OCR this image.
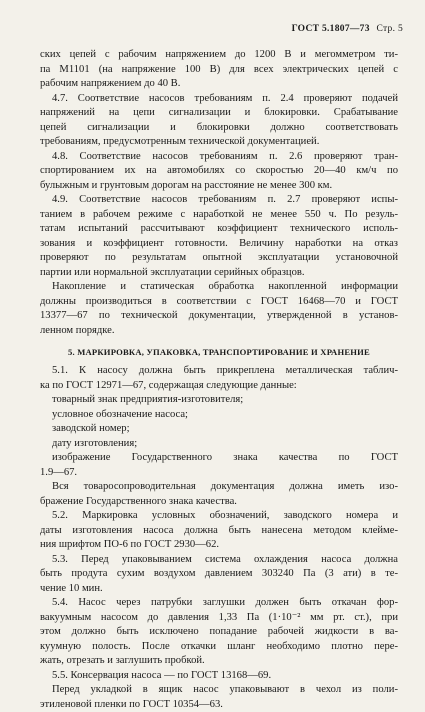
ГОСТ 5.1807—73 Стр. 5
ских цепей с рабочим напряжением до 1200 В и мегомметром ти-
па М1101 (на напряжение 100 В) для всех электрических цепей с
рабочим напряжением до 40 В.
4.7. Соответствие насосов требованиям п. 2.4 проверяют подачей
напряжений на цепи сигнализации и блокировки. Срабатывание
цепей сигнализации и блокировки должно соответствовать
требованиям, предусмотренным технической документацией.
4.8. Соответствие насосов требованиям п. 2.6 проверяют тран-
спортированием их на автомобилях со скоростью 20—40 км/ч по
булыжным и грунтовым дорогам на расстояние не менее 300 км.
4.9. Соответствие насосов требованиям п. 2.7 проверяют испы-
танием в рабочем режиме с наработкой не менее 550 ч. По резуль-
татам испытаний рассчитывают коэффициент технического исполь-
зования и коэффициент готовности. Величину наработки на отказ
проверяют по результатам опытной эксплуатации установочной
партии или нормальной эксплуатации серийных образцов.
Накопление и статическая обработка накопленной информации
должны производиться в соответствии с ГОСТ 16468—70 и ГОСТ
13377—67 по технической документации, утвержденной в установ-
ленном порядке.
5. МАРКИРОВКА, УПАКОВКА, ТРАНСПОРТИРОВАНИЕ И ХРАНЕНИЕ
5.1. К насосу должна быть прикреплена металлическая таблич-
ка по ГОСТ 12971—67, содержащая следующие данные:
товарный знак предприятия-изготовителя;
условное обозначение насоса;
заводской номер;
дату изготовления;
изображение Государственного знака качества по ГОСТ
1.9—67.
Вся товаросопроводительная документация должна иметь изо-
бражение Государственного знака качества.
5.2. Маркировка условных обозначений, заводского номера и
даты изготовления насоса должна быть нанесена методом клейме-
ния шрифтом ПО-6 по ГОСТ 2930—62.
5.3. Перед упаковыванием система охлаждения насоса должна
быть продута сухим воздухом давлением 303240 Па (3 ати) в те-
чение 10 мин.
5.4. Насос через патрубки заглушки должен быть откачан фор-
вакуумным насосом до давления 1,33 Па (1·10⁻² мм рт. ст.), при
этом должно быть исключено попадание рабочей жидкости в ва-
куумную полость. После откачки шланг необходимо плотно пере-
жать, отрезать и заглушить пробкой.
5.5. Консервация насоса — по ГОСТ 13168—69.
Перед укладкой в ящик насос упаковывают в чехол из поли-
этиленовой пленки по ГОСТ 10354—63.
